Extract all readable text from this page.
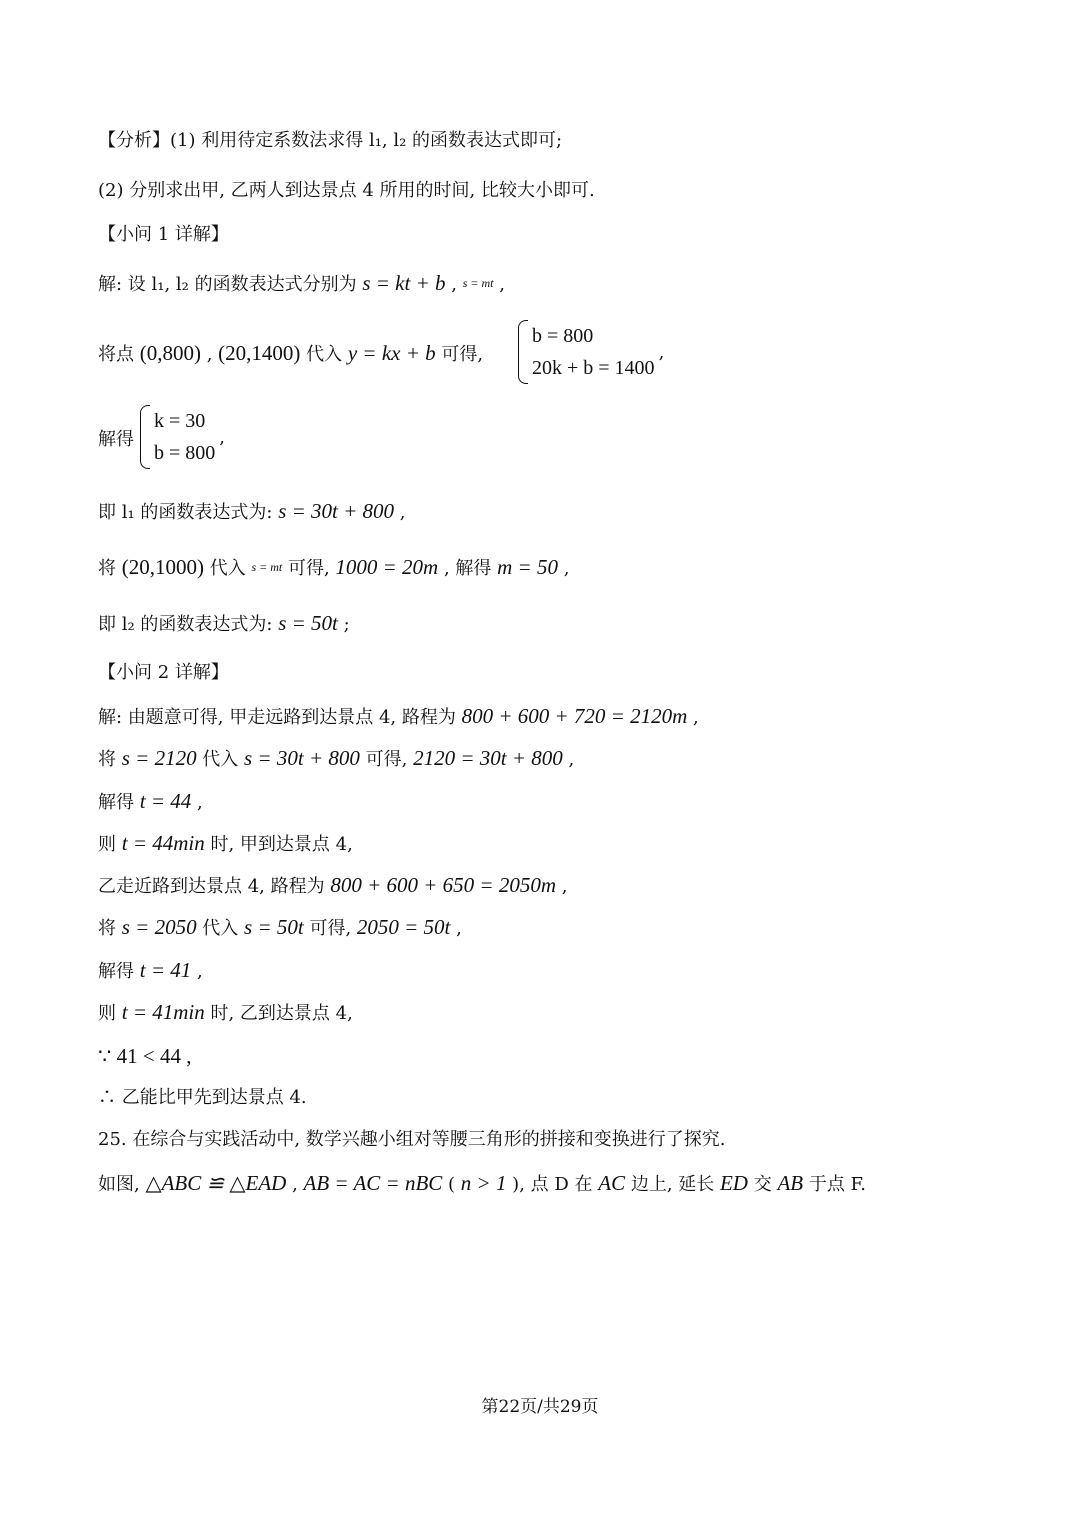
【分析】(1) 利用待定系数法求得 l₁, l₂ 的函数表达式即可;
(2) 分别求出甲, 乙两人到达景点 4 所用的时间, 比较大小即可.
【小问 1 详解】
解: 设 l₁, l₂ 的函数表达式分别为 s = kt + b , s = mt ,
将点 (0,800) , (20,1400) 代入 y = kx + b 可得,
b = 800
20k + b = 1400
,
解得
k = 30
b = 800
,
即 l₁ 的函数表达式为: s = 30t + 800 ,
将 (20,1000) 代入 s = mt 可得, 1000 = 20m , 解得 m = 50 ,
即 l₂ 的函数表达式为: s = 50t ;
【小问 2 详解】
解: 由题意可得, 甲走远路到达景点 4, 路程为 800 + 600 + 720 = 2120m ,
将 s = 2120 代入 s = 30t + 800 可得, 2120 = 30t + 800 ,
解得 t = 44 ,
则 t = 44min 时, 甲到达景点 4,
乙走近路到达景点 4, 路程为 800 + 600 + 650 = 2050m ,
将 s = 2050 代入 s = 50t 可得, 2050 = 50t ,
解得 t = 41 ,
则 t = 41min 时, 乙到达景点 4,
∵ 41 < 44 ,
∴ 乙能比甲先到达景点 4.
25. 在综合与实践活动中, 数学兴趣小组对等腰三角形的拼接和变换进行了探究.
如图, △ABC ≌ △EAD , AB = AC = nBC ( n > 1 ), 点 D 在 AC 边上, 延长 ED 交 AB 于点 F.
第22页/共29页
